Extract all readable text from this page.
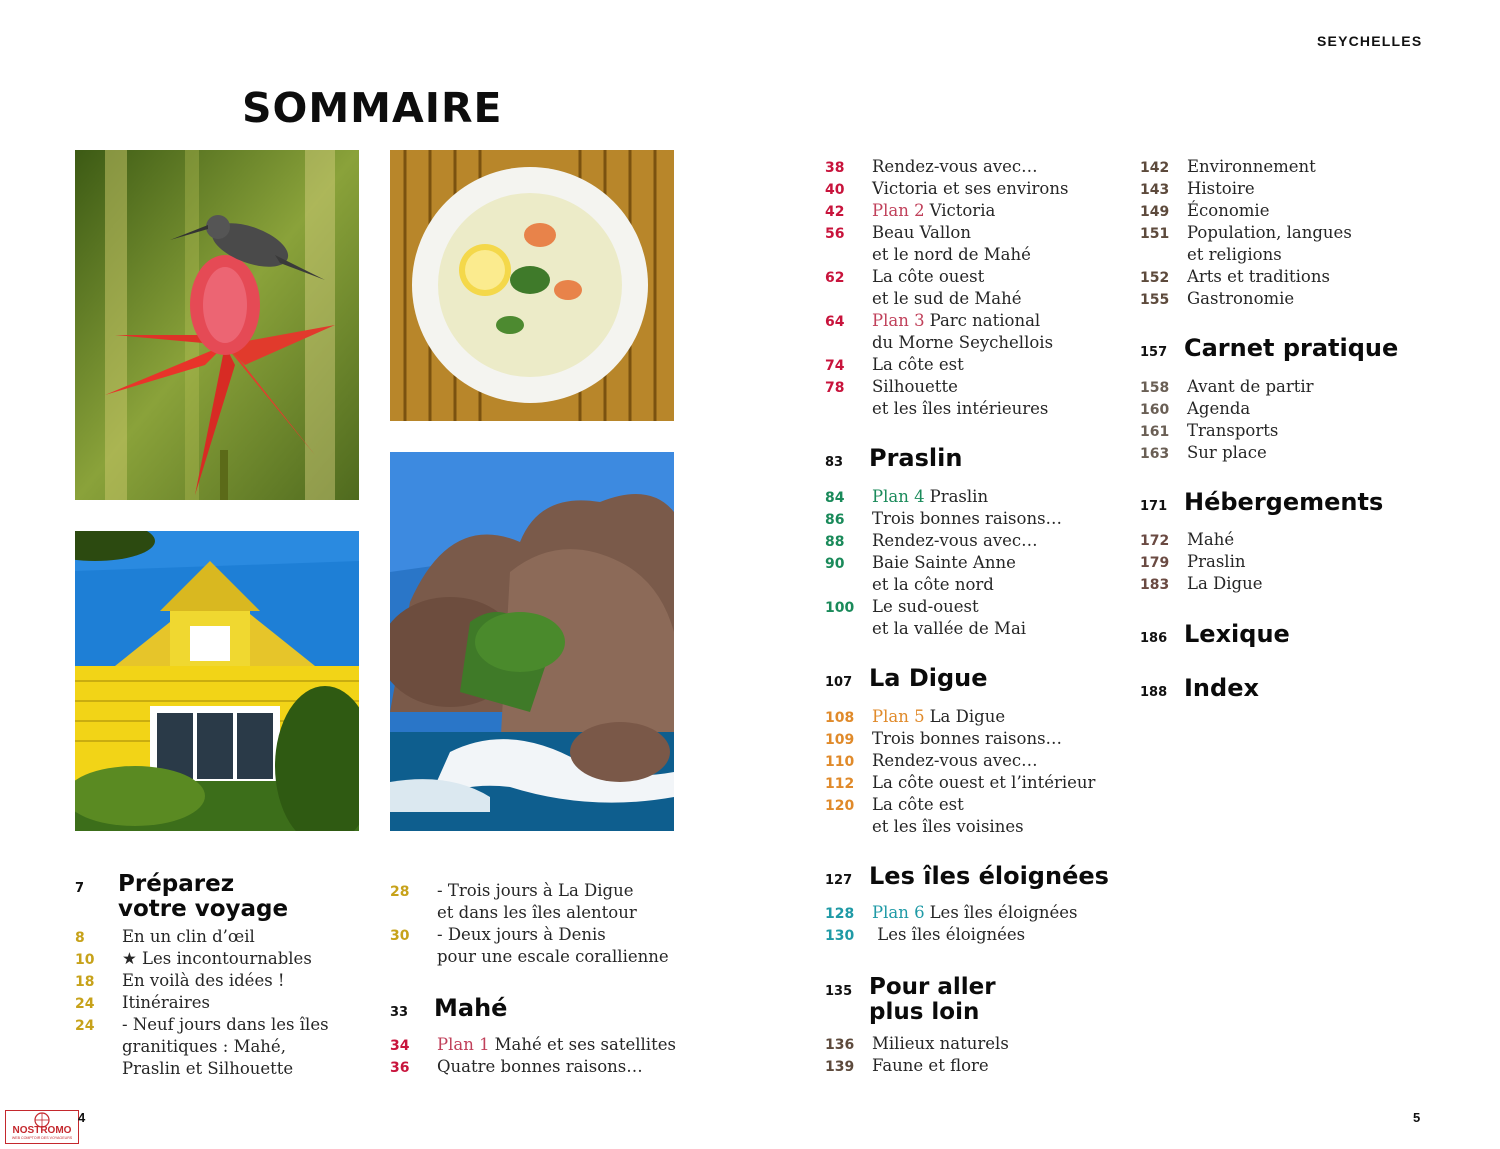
SEYCHELLES
SOMMAIRE
7	Préparez
votre voyage
8	En un clin d’œil
10	★ Les incontournables
18	En voilà des idées !
24	Itinéraires
24	- Neuf jours dans les îles
granitiques : Mahé,
Praslin et Silhouette
28	- Trois jours à La Digue
et dans les îles alentour
30	- Deux jours à Denis
pour une escale corallienne
33	Mahé
34	Plan 1 Mahé et ses satellites
36	Quatre bonnes raisons…
38	Rendez-vous avec…
40	Victoria et ses environs
42	Plan 2 Victoria
56	Beau Vallon
et le nord de Mahé
62	La côte ouest
et le sud de Mahé
64	Plan 3 Parc national
du Morne Seychellois
74	La côte est
78	Silhouette
et les îles intérieures
83	Praslin
84	Plan 4 Praslin
86	Trois bonnes raisons…
88	Rendez-vous avec…
90	Baie Sainte Anne
et la côte nord
100	Le sud-ouest
et la vallée de Mai
107 La Digue
108	Plan 5 La Digue
109	Trois bonnes raisons…
110	Rendez-vous avec…
112	La côte ouest et l’intérieur
120	La côte est
et les îles voisines
127 Les îles éloignées
128	Plan 6 Les îles éloignées
130	Les îles éloignées
135 Pour aller
plus loin
136	Milieux naturels
139	Faune et flore
142	Environnement
143	Histoire
149	Économie
151	Population, langues
et religions
152	Arts et traditions
155	Gastronomie
157 Carnet pratique
158	Avant de partir
160	Agenda
161	Transports
163	Sur place
171 Hébergements
172	Mahé
179	Praslin
183	La Digue
186 Lexique
188 Index
NOSTROMO
WEB COMPTOIR DES VOYAGEURS
4	5
